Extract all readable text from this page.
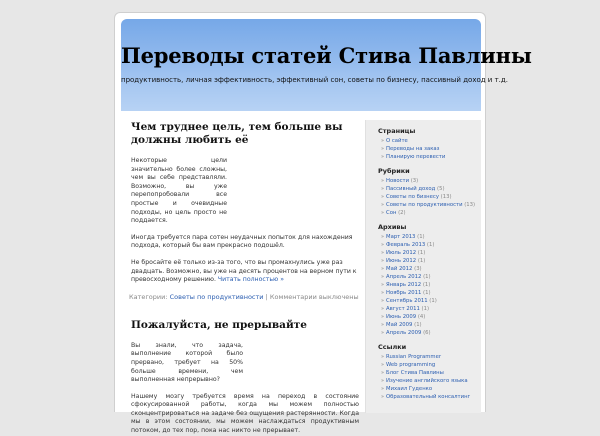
Переводы статей Стива Павлины
продуктивность, личная эффективность, эффективный сон, советы по бизнесу, пассивный доход и т.д.
Чем труднее цель, тем больше вы должны любить её

Некоторые цели значительно более сложны, чем вы себе представляли. Возможно, вы уже перепопробовали все простые и очевидные подходы, но цель просто не поддается.

Иногда требуется пара сотен неудачных попыток для нахождения подхода, который бы вам прекрасно подошёл.

Не бросайте её только из-за того, что вы промахнулись уже раз двадцать. Возможно, вы уже на десять процентов на верном пути к превосходному решению. Читать полностью »

Категории: Советы по продуктивности | Комментарии выключены
Пожалуйста, не прерывайте

Вы знали, что задача, выполнение которой было прервано, требует на 50% больше времени, чем выполненная непрерывно?

Нашему мозгу требуется время на переход в состояние сфокусированной работы, когда мы можем полностью сконцентрироваться на задаче без ощущения растерянности. Когда мы в этом состоянии, мы можем наслаждаться продуктивным потоком, до тех пор, пока нас никто не прерывает.

Страницы
» О сайте
» Переводы на заказ
» Планирую перевести
Рубрики
» Новости (3)
» Пассивный доход (5)
» Советы по бизнесу (13)
» Советы по продуктивности (13)
» Сон (2)
Архивы
» Март 2013 (1)
» Февраль 2013 (1)
» Июль 2012 (1)
» Июнь 2012 (1)
» Май 2012 (3)
» Апрель 2012 (1)
» Январь 2012 (1)
» Ноябрь 2011 (1)
» Сентябрь 2011 (1)
» Август 2011 (1)
» Июнь 2009 (4)
» Май 2009 (1)
» Апрель 2009 (6)
Ссылки
» Russian Programmer
» Web programming
» Блог Стива Павлины
» Изучение английского языка
» Михаил Гуденко
» Образовательный консалтинг
